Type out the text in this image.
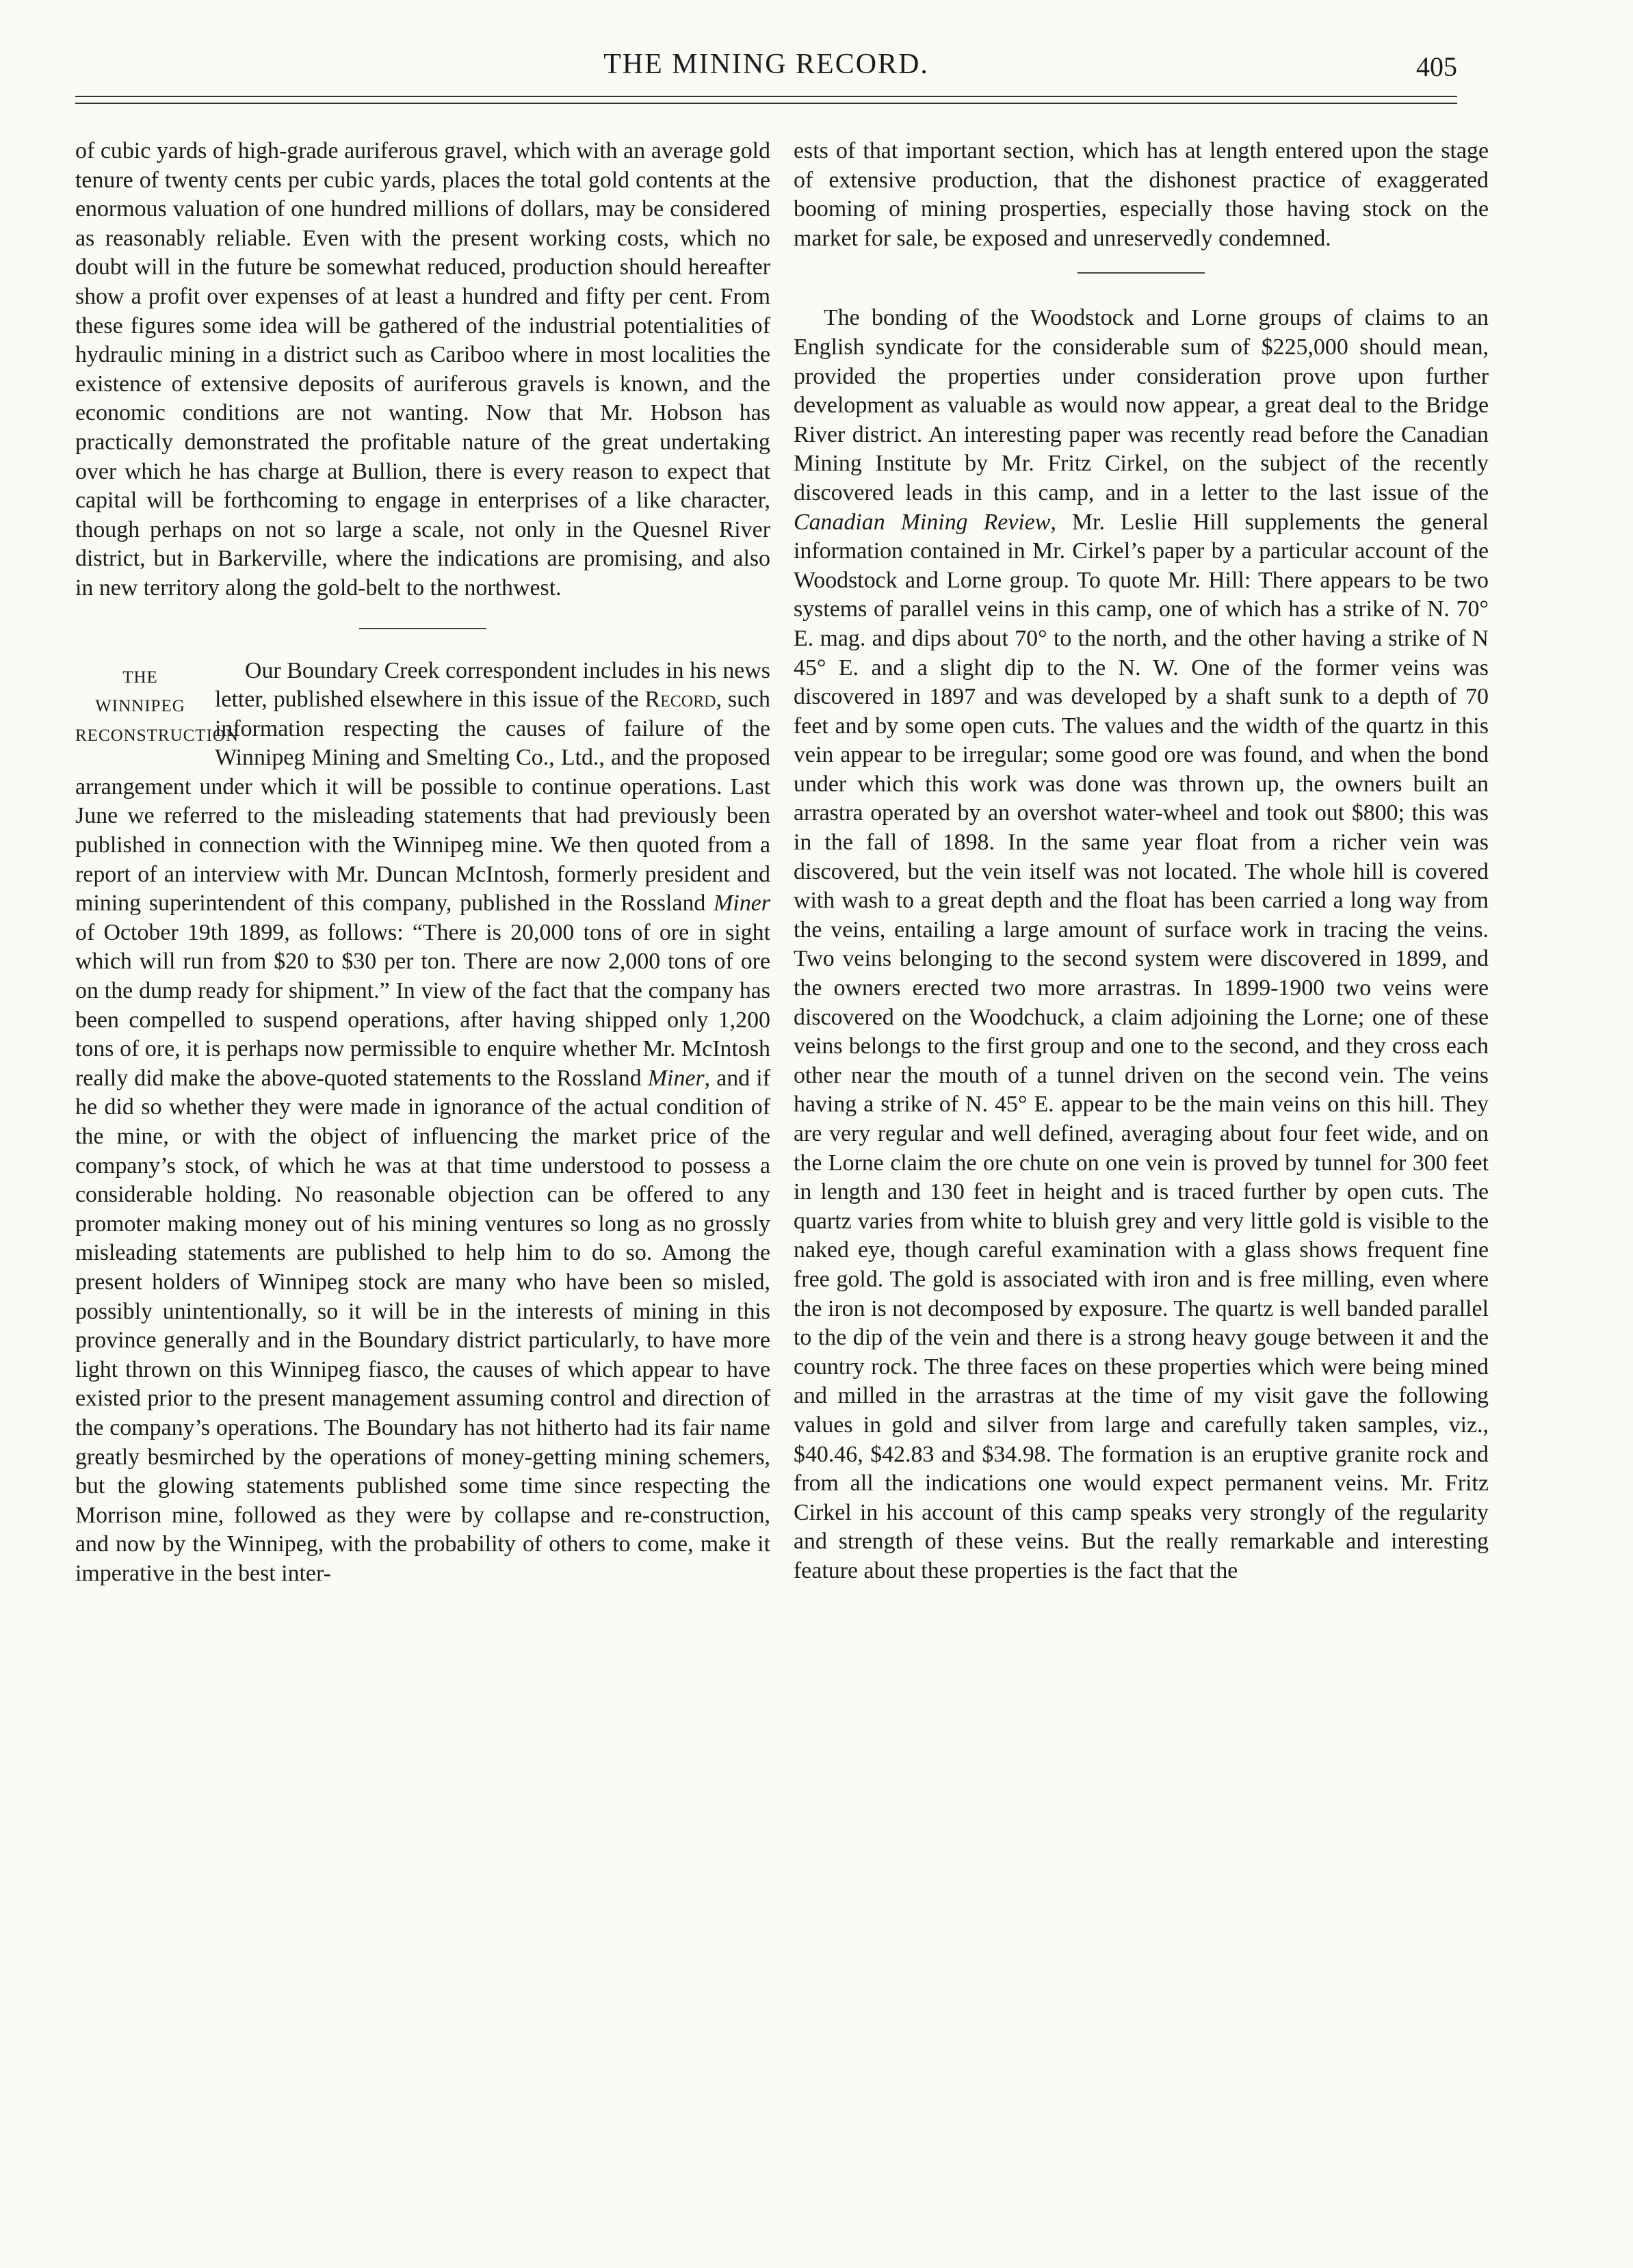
THE MINING RECORD.	405

of cubic yards of high-grade auriferous gravel, which with an average gold tenure of twenty cents per cubic yards, places the total gold contents at the enormous valuation of one hundred millions of dollars, may be considered as reasonably reliable. Even with the present working costs, which no doubt will in the future be somewhat reduced, production should hereafter show a profit over expenses of at least a hundred and fifty per cent. From these figures some idea will be gathered of the industrial potentialities of hydraulic mining in a district such as Cariboo where in most localities the existence of extensive deposits of auriferous gravels is known, and the economic conditions are not wanting. Now that Mr. Hobson has practically demonstrated the profitable nature of the great undertaking over which he has charge at Bullion, there is every reason to expect that capital will be forthcoming to engage in enterprises of a like character, though perhaps on not so large a scale, not only in the Quesnel River district, but in Barkerville, where the indications are promising, and also in new territory along the gold-belt to the northwest.

THE
WINNIPEG
RECONSTRUCTION
Our Boundary Creek correspondent includes in his news letter, published elsewhere in this issue of the Record, such information respecting the causes of failure of the Winnipeg Mining and Smelting Co., Ltd., and the proposed arrangement under which it will be possible to continue operations. Last June we referred to the misleading statements that had previously been published in connection with the Winnipeg mine. We then quoted from a report of an interview with Mr. Duncan McIntosh, formerly president and mining superintendent of this company, published in the Rossland Miner of October 19th 1899, as follows: “There is 20,000 tons of ore in sight which will run from $20 to $30 per ton. There are now 2,000 tons of ore on the dump ready for shipment.” In view of the fact that the company has been compelled to suspend operations, after having shipped only 1,200 tons of ore, it is perhaps now permissible to enquire whether Mr. McIntosh really did make the above-quoted statements to the Rossland Miner, and if he did so whether they were made in ignorance of the actual condition of the mine, or with the object of influencing the market price of the company’s stock, of which he was at that time understood to possess a considerable holding. No reasonable objection can be offered to any promoter making money out of his mining ventures so long as no grossly misleading statements are published to help him to do so. Among the present holders of Winnipeg stock are many who have been so misled, possibly unintentionally, so it will be in the interests of mining in this province generally and in the Boundary district particularly, to have more light thrown on this Winnipeg fiasco, the causes of which appear to have existed prior to the present management assuming control and direction of the company’s operations. The Boundary has not hitherto had its fair name greatly besmirched by the operations of money-getting mining schemers, but the glowing statements published some time since respecting the Morrison mine, followed as they were by collapse and re-construction, and now by the Winnipeg, with the probability of others to come, make it imperative in the best inter-

ests of that important section, which has at length entered upon the stage of extensive production, that the dishonest practice of exaggerated booming of mining prosperties, especially those having stock on the market for sale, be exposed and unreservedly condemned.

The bonding of the Woodstock and Lorne groups of claims to an English syndicate for the considerable sum of $225,000 should mean, provided the properties under consideration prove upon further development as valuable as would now appear, a great deal to the Bridge River district. An interesting paper was recently read before the Canadian Mining Institute by Mr. Fritz Cirkel, on the subject of the recently discovered leads in this camp, and in a letter to the last issue of the Canadian Mining Review, Mr. Leslie Hill supplements the general information contained in Mr. Cirkel’s paper by a particular account of the Woodstock and Lorne group. To quote Mr. Hill: There appears to be two systems of parallel veins in this camp, one of which has a strike of N. 70° E. mag. and dips about 70° to the north, and the other having a strike of N 45° E. and a slight dip to the N. W. One of the former veins was discovered in 1897 and was developed by a shaft sunk to a depth of 70 feet and by some open cuts. The values and the width of the quartz in this vein appear to be irregular; some good ore was found, and when the bond under which this work was done was thrown up, the owners built an arrastra operated by an overshot water-wheel and took out $800; this was in the fall of 1898. In the same year float from a richer vein was discovered, but the vein itself was not located. The whole hill is covered with wash to a great depth and the float has been carried a long way from the veins, entailing a large amount of surface work in tracing the veins. Two veins belonging to the second system were discovered in 1899, and the owners erected two more arrastras. In 1899-1900 two veins were discovered on the Woodchuck, a claim adjoining the Lorne; one of these veins belongs to the first group and one to the second, and they cross each other near the mouth of a tunnel driven on the second vein. The veins having a strike of N. 45° E. appear to be the main veins on this hill. They are very regular and well defined, averaging about four feet wide, and on the Lorne claim the ore chute on one vein is proved by tunnel for 300 feet in length and 130 feet in height and is traced further by open cuts. The quartz varies from white to bluish grey and very little gold is visible to the naked eye, though careful examination with a glass shows frequent fine free gold. The gold is associated with iron and is free milling, even where the iron is not decomposed by exposure. The quartz is well banded parallel to the dip of the vein and there is a strong heavy gouge between it and the country rock. The three faces on these properties which were being mined and milled in the arrastras at the time of my visit gave the following values in gold and silver from large and carefully taken samples, viz., $40.46, $42.83 and $34.98. The formation is an eruptive granite rock and from all the indications one would expect permanent veins. Mr. Fritz Cirkel in his account of this camp speaks very strongly of the regularity and strength of these veins. But the really remarkable and interesting feature about these properties is the fact that the
